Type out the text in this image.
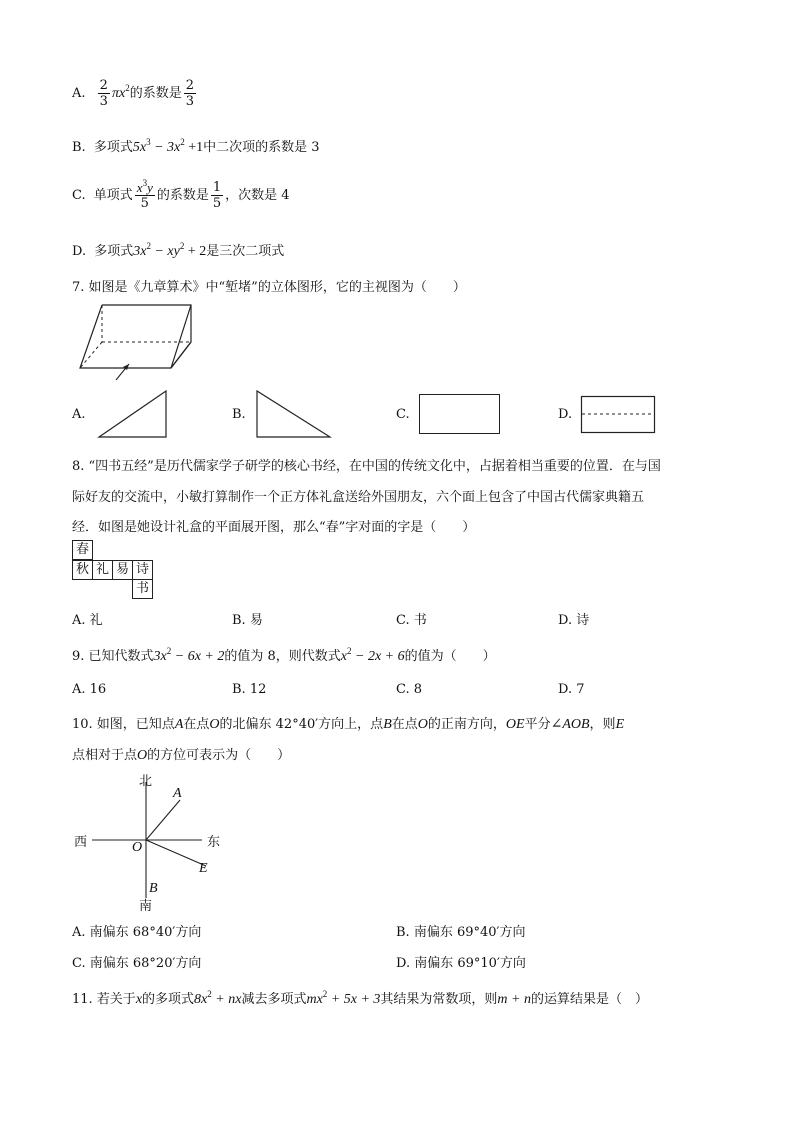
A. $\frac{2}{3} \pi x^2$的系数是 $\frac{2}{3}$
B. 多项式$5x^3 - 3x^2 +1$中二次项的系数是 3
C. 单项式 $\frac{x^3y}{5}$ 的系数是 $\frac{1}{5}$ ，次数是 4
D. 多项式$3x^2 - xy^2 + 2$是三次二项式
7. 如图是《九章算术》中“堑堵”的立体图形，它的主视图为（　　）
A.	B.	C.	D.
8. “四书五经”是历代儒家学子研学的核心书经，在中国的传统文化中，占据着相当重要的位置．在与国
际好友的交流中，小敏打算制作一个正方体礼盒送给外国朋友，六个面上包含了中国古代儒家典籍五
经．如图是她设计礼盒的平面展开图，那么“春”字对面的字是（　　）
春
秋 礼 易 诗
书
A. 礼	B. 易	C. 书	D. 诗
9. 已知代数式$3x^2 - 6x + 2$的值为 8，则代数式$x^2 - 2x + 6$的值为（　　）
A. 16	B. 12	C. 8	D. 7
10. 如图，已知点A在点O的北偏东 42°40′方向上，点B在点O的正南方向，OE平分∠AOB，则E
点相对于点O的方位可表示为（　　）
北
南
西	东
A
O
B
E
A. 南偏东 68°40′方向	B. 南偏东 69°40′方向
C. 南偏东 68°20′方向	D. 南偏东 69°10′方向
11. 若关于x的多项式$8x^2$ + nx减去多项式$mx^2 + 5x + 3$其结果为常数项，则m + n的运算结果是（　）
